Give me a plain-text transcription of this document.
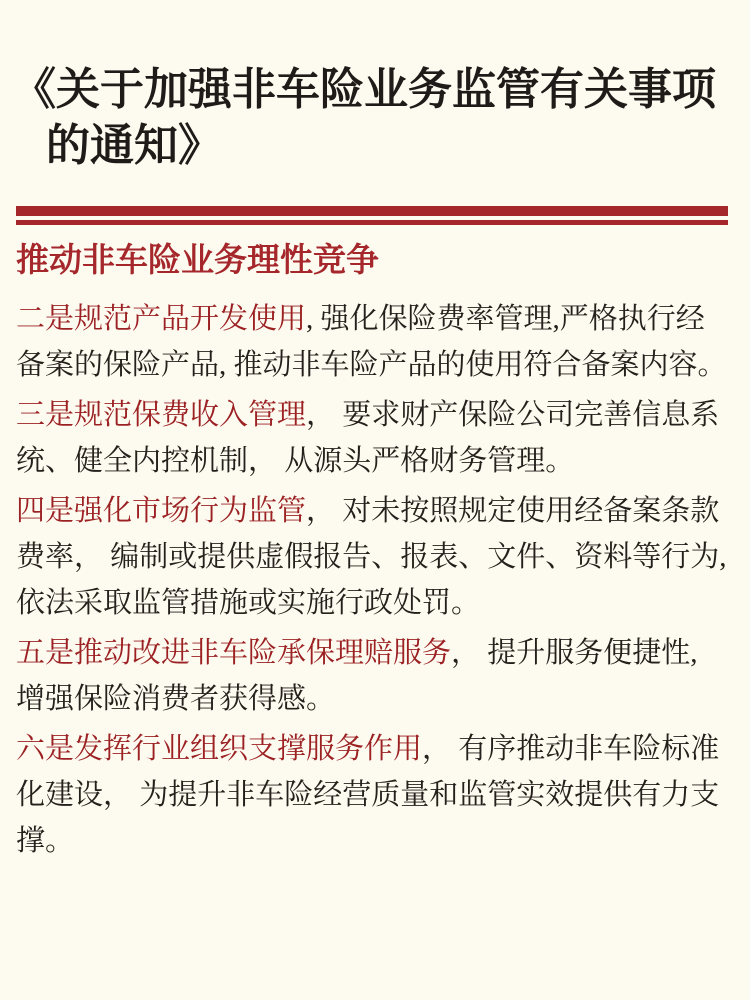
《关于加强非车险业务监管有关事项
的通知》
推动非车险业务理性竞争
二是规范产品开发使用, 强化保险费率管理,严格执行经
备案的保险产品, 推动非车险产品的使用符合备案内容。
三是规范保费收入管理， 要求财产保险公司完善信息系
统、健全内控机制， 从源头严格财务管理。
四是强化市场行为监管， 对未按照规定使用经备案条款
费率， 编制或提供虚假报告、报表、文件、资料等行为,
依法采取监管措施或实施行政处罚。
五是推动改进非车险承保理赔服务， 提升服务便捷性,
增强保险消费者获得感。
六是发挥行业组织支撑服务作用， 有序推动非车险标准
化建设， 为提升非车险经营质量和监管实效提供有力支
撑。
